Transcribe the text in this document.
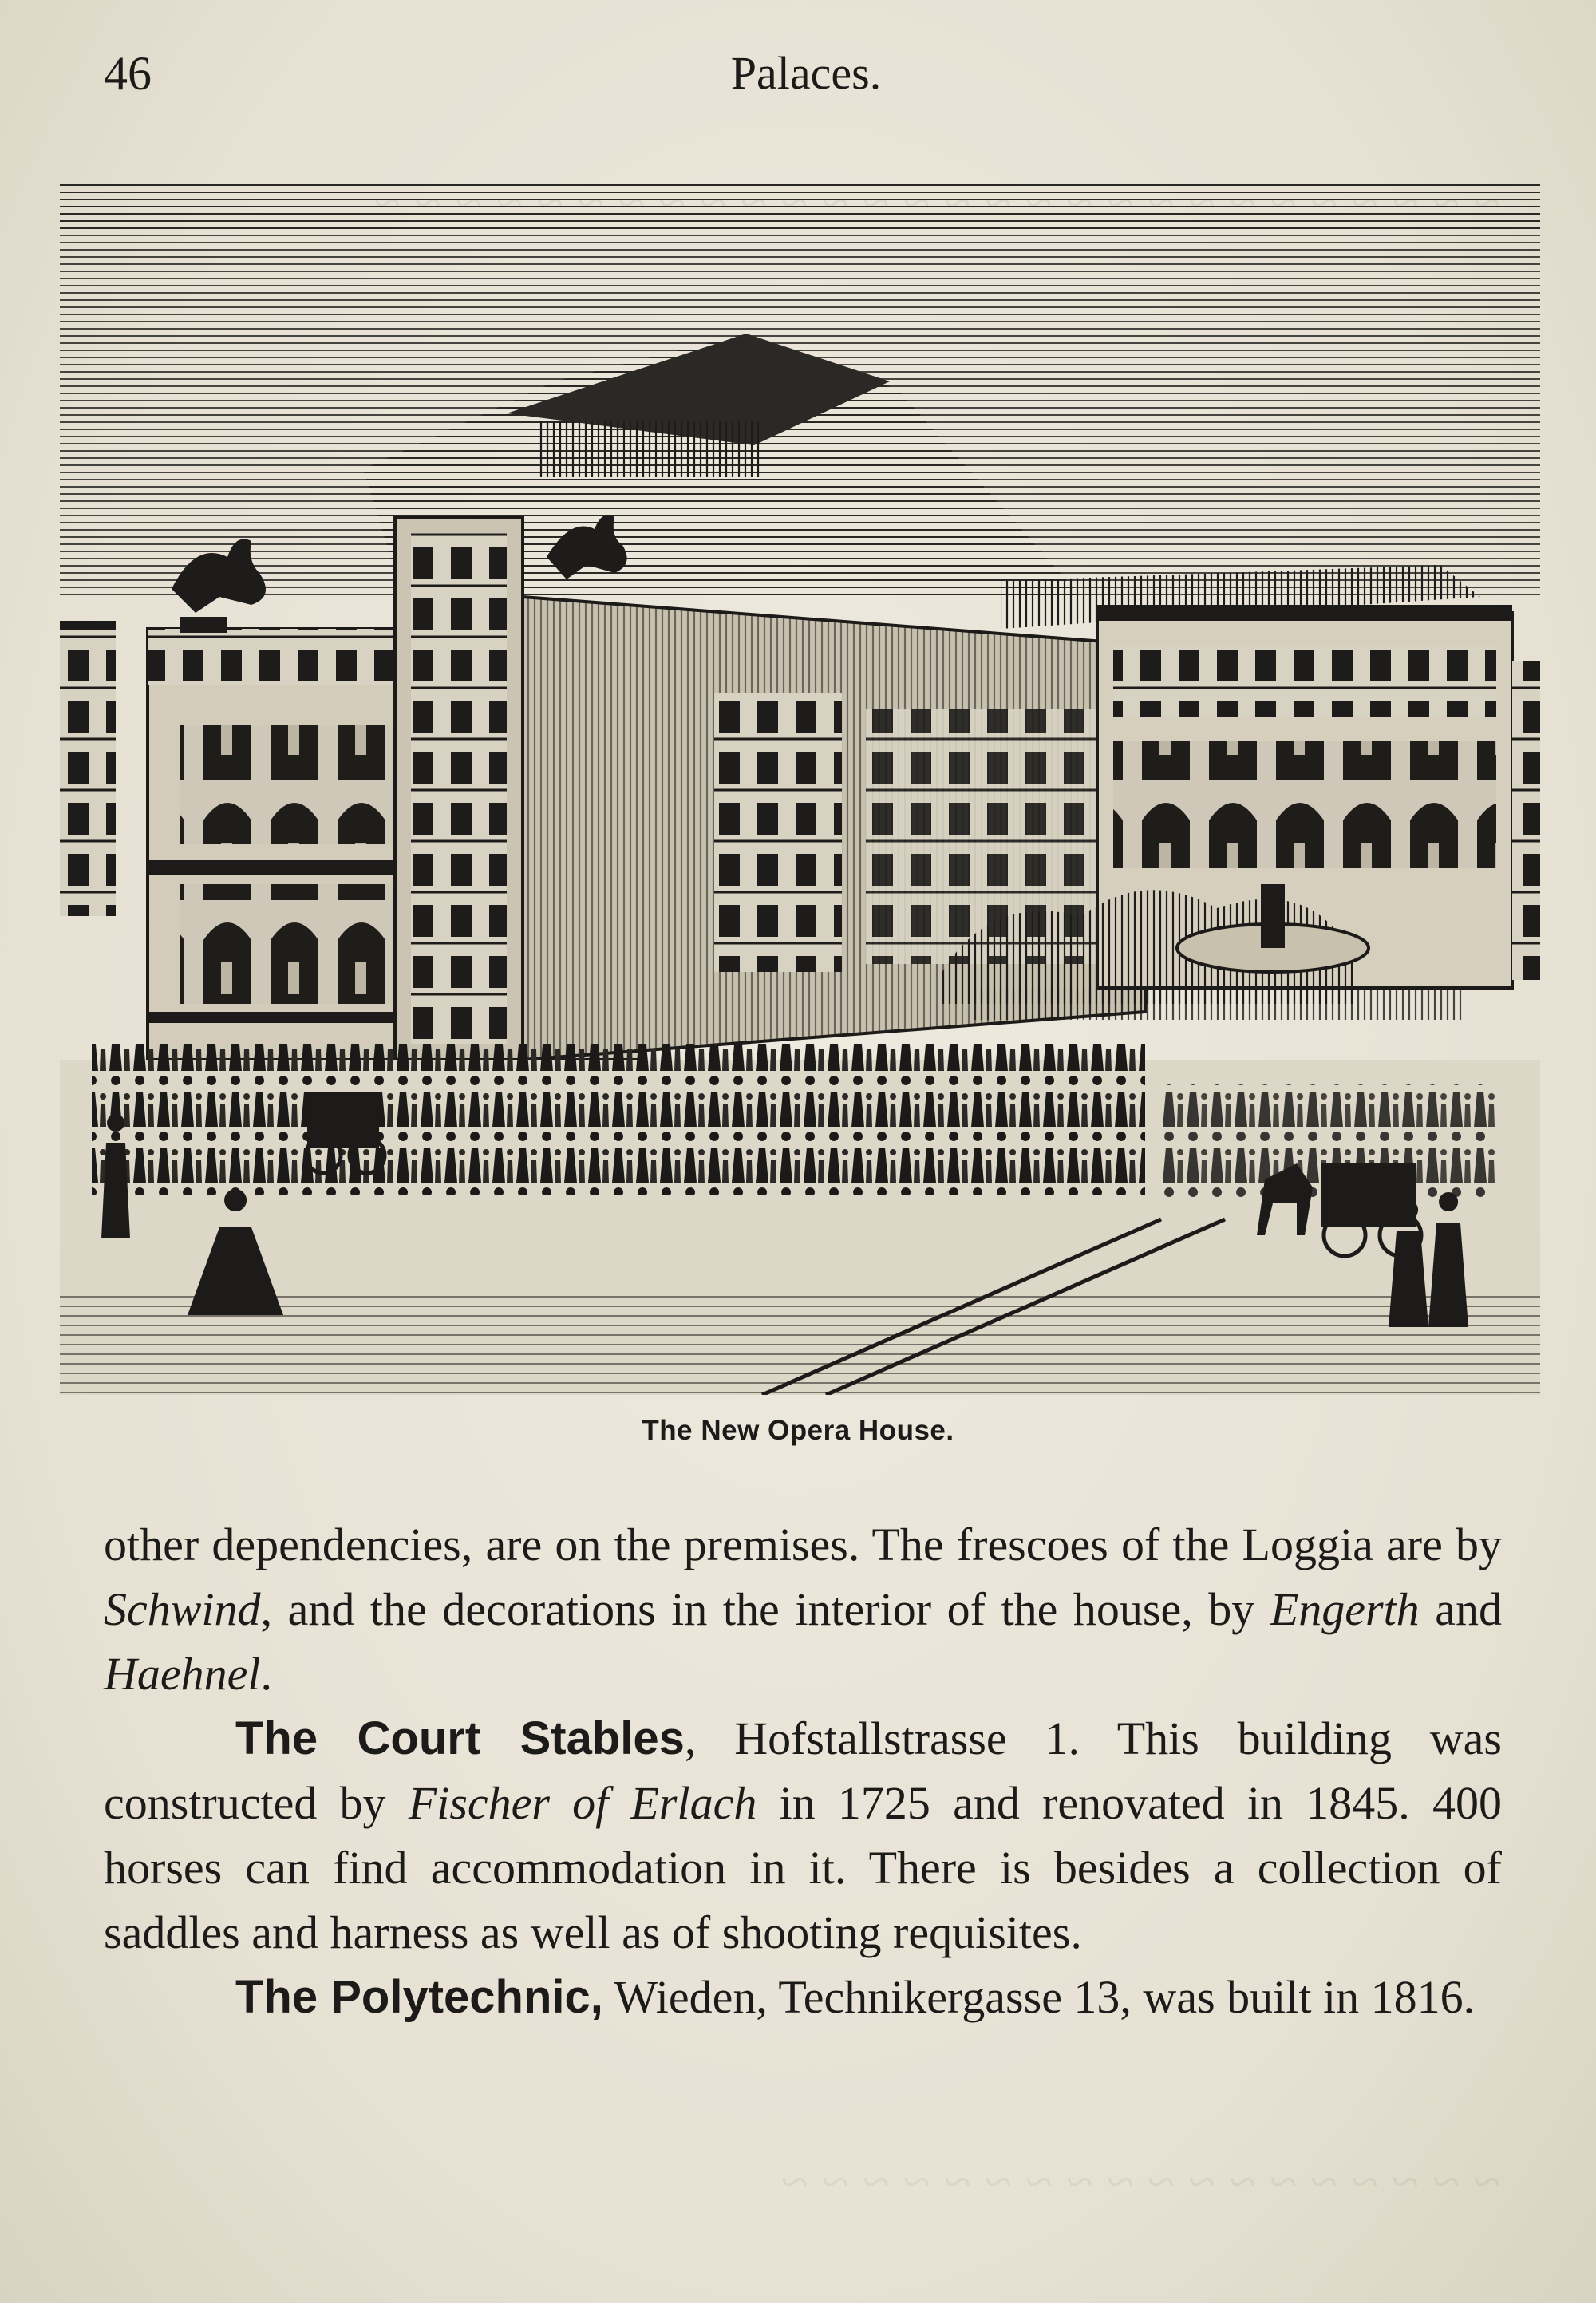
~ ~ ~ ~ ~ ~ ~ ~ ~ ~ ~ ~ ~ ~ ~ ~ ~ ~
46	Palaces.
The New Opera House.

other dependencies, are on the premises. The frescoes of the Loggia are by Schwind, and the decorations in the interior of the house, by Engerth and Haehnel.

The Court Stables, Hofstallstrasse 1. This building was constructed by Fischer of Erlach in 1725 and renovated in 1845. 400 horses can find accommodation in it. There is besides a collection of saddles and harness as well as of shooting requisites.

The Polytechnic, Wieden, Technikergasse 13, was built in 1816.
